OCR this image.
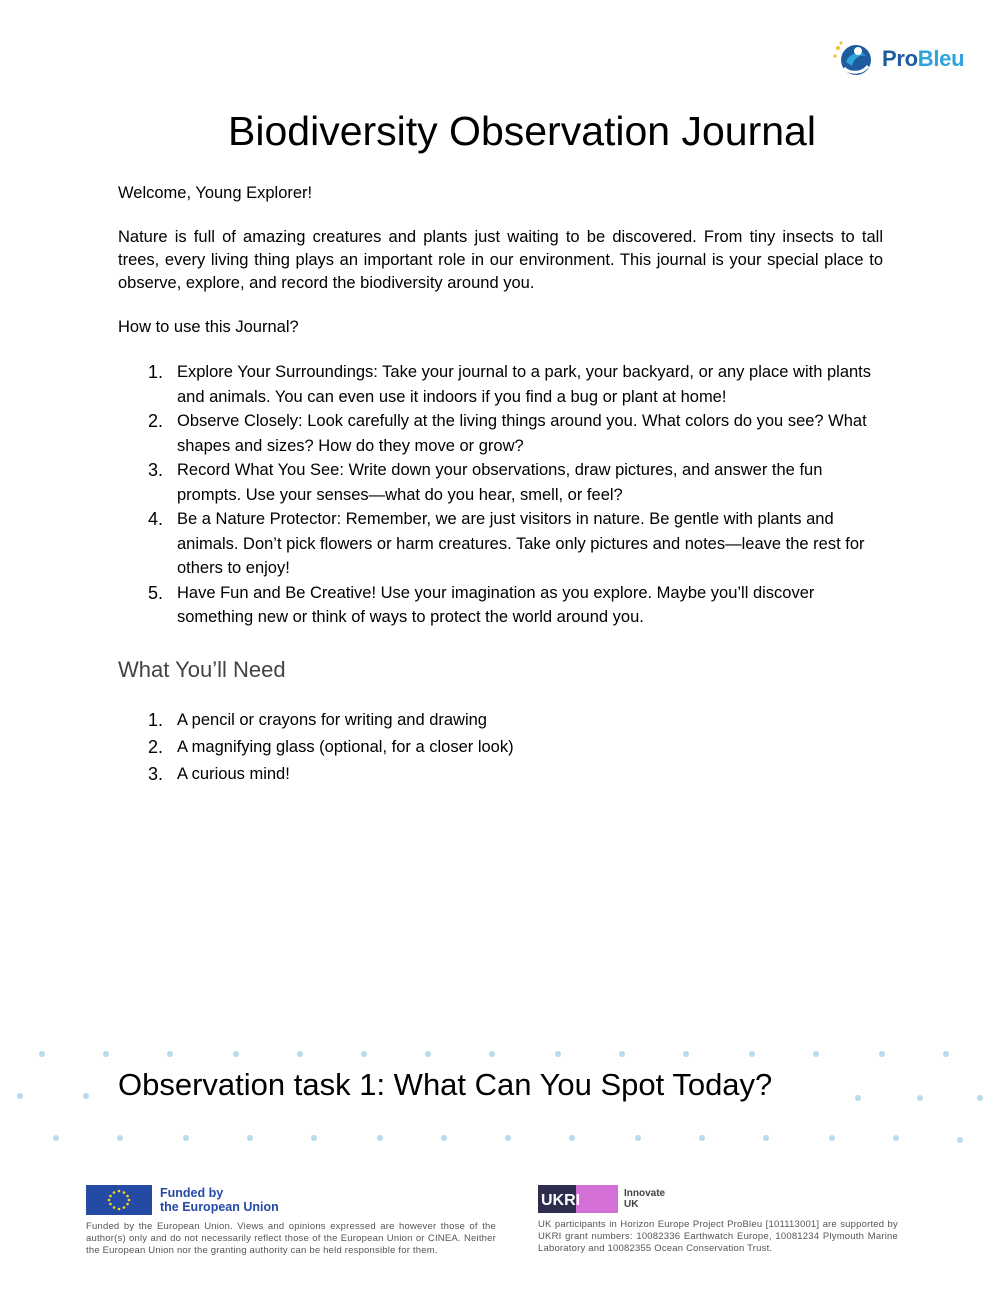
ProBleu
Biodiversity Observation Journal

Welcome, Young Explorer!

Nature is full of amazing creatures and plants just waiting to be discovered. From tiny insects to tall trees, every living thing plays an important role in our environment. This journal is your special place to observe, explore, and record the biodiversity around you.

How to use this Journal?

1. Explore Your Surroundings: Take your journal to a park, your backyard, or any place with plants and animals. You can even use it indoors if you find a bug or plant at home!
2. Observe Closely: Look carefully at the living things around you. What colors do you see? What shapes and sizes? How do they move or grow?
3. Record What You See: Write down your observations, draw pictures, and answer the fun prompts. Use your senses—what do you hear, smell, or feel?
4. Be a Nature Protector: Remember, we are just visitors in nature. Be gentle with plants and animals. Don’t pick flowers or harm creatures. Take only pictures and notes—leave the rest for others to enjoy!
5. Have Fun and Be Creative! Use your imagination as you explore. Maybe you’ll discover something new or think of ways to protect the world around you.
What You’ll Need
1. A pencil or crayons for writing and drawing
2. A magnifying glass (optional, for a closer look)
3. A curious mind!
Observation task 1: What Can You Spot Today?
Funded by
the European Union
Funded by the European Union. Views and opinions expressed are however those of the author(s) only and do not necessarily reflect those of the European Union or CINEA. Neither the European Union nor the granting authority can be held responsible for them.
UKRI	Innovate
UK
UK participants in Horizon Europe Project ProBleu [101113001] are supported by UKRI grant numbers: 10082336 Earthwatch Europe, 10081234 Plymouth Marine Laboratory and 10082355 Ocean Conservation Trust.
